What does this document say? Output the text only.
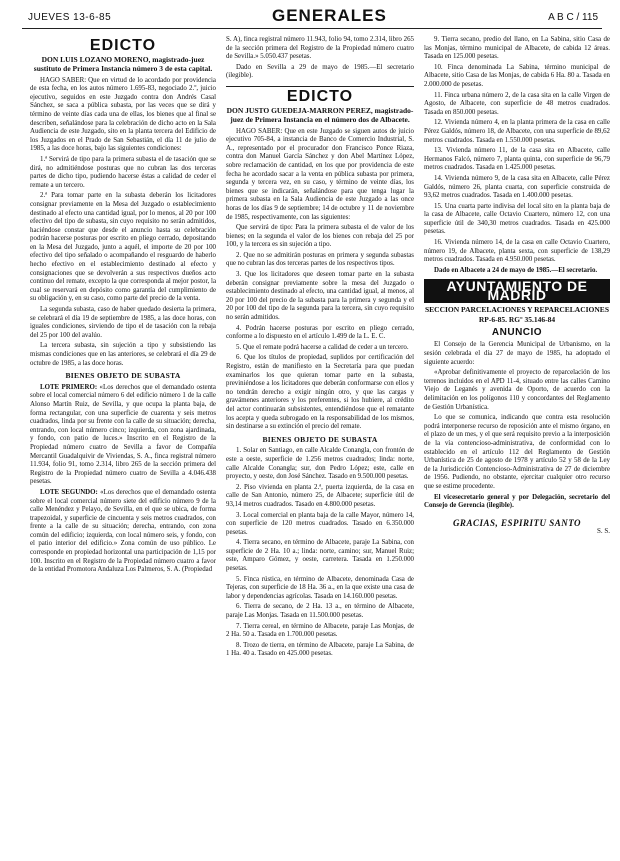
JUEVES 13-6-85	GENERALES	A B C / 115
EDICTO
DON LUIS LOZANO MORENO, magistrado-juez sustituto de Primera Instancia número 3 de esta capital.

HAGO SABER: Que en virtud de lo acordado por providencia de esta fecha, en los autos número 1.695-83, negociado 2.º, juicio ejecutivo, seguidos en este Juzgado contra don Andrés Casal Sánchez, se saca a pública subasta, por las veces que se dirá y término de veinte días cada una de ellas, los bienes que al final se describen, señalándose para la celebración de dicho acto en la Sala Audiencia de este Juzgado, sito en la planta tercera del Edificio de los Juzgados en el Prado de San Sebastián, el día 11 de julio de 1985, a las doce horas, bajo las siguientes condiciones:

1.ª Servirá de tipo para la primera subasta el de tasación que se dirá, no admitiéndose posturas que no cubran las dos terceras partes de dicho tipo, pudiendo hacerse éstas a calidad de ceder el remate a un tercero.

2.ª Para tomar parte en la subasta deberán los licitadores consignar previamente en la Mesa del Juzgado o establecimiento destinado al efecto una cantidad igual, por lo menos, al 20 por 100 efectivo del tipo de subasta, sin cuyo requisito no serán admitidos, haciéndose constar que desde el anuncio hasta su celebración podrán hacerse posturas por escrito en pliego cerrado, depositando en la Mesa del Juzgado, junto a aquél, el importe de 20 por 100 efectivo del tipo señalado o acompañando el resguardo de haberlo hecho efectivo en el establecimiento destinado al efecto y consignaciones que se devolverán a sus respectivos dueños acto continuo del remate, excepto la que corresponda al mejor postor, la cual se reservará en depósito como garantía del cumplimiento de su obligación y, en su caso, como parte del precio de la venta.

La segunda subasta, caso de haber quedado desierta la primera, se celebrará el día 19 de septiembre de 1985, a las doce horas, con iguales condiciones, sirviendo de tipo el de tasación con la rebaja del 25 por 100 del avalúo.

La tercera subasta, sin sujeción a tipo y subsistiendo las mismas condiciones que en las anteriores, se celebrará el día 29 de octubre de 1985, a las doce horas.

BIENES OBJETO DE SUBASTA

LOTE PRIMERO: «Los derechos que el demandado ostenta sobre el local comercial número 6 del edificio número 1 de la calle Alonso Martín Ruiz, de Sevilla, y que ocupa la planta baja, de forma rectangular, con una superficie de cuarenta y seis metros cuadrados, linda por su frente con la calle de su situación; derecha, entrando, con local número cinco; izquierda, con zona ajardinada, y fondo, con patio de luces.» Inscrito en el Registro de la Propiedad número cuatro de Sevilla a favor de Compañía Mercantil Guadalquivir de Viviendas, S. A., finca registral número 11.934, folio 91, tomo 2.314, libro 265 de la sección primera del Registro de la Propiedad número cuatro de Sevilla a 4.046.438 pesetas.

LOTE SEGUNDO: «Los derechos que el demandado ostenta sobre el local comercial número siete del edificio número 9 de la calle Menéndez y Pelayo, de Sevilla, en el que se ubica, de forma trapezoidal, y superficie de cincuenta y seis metros cuadrados, con frente a la calle de su situación; derecha, entrando, con zona común del edificio; izquierda, con local número seis, y fondo, con el patio interior del edificio.» Zona común de uso público. Le corresponde en propiedad horizontal una participación de 1,15 por 100. Inscrito en el Registro de la Propiedad número cuatro a favor de la entidad Promotora Andaluza Los Palmeros, S. A. (Propiedad

S. A), finca registral número 11.943, folio 94, tomo 2.314, libro 265 de la sección primera del Registro de la Propiedad número cuatro de Sevilla.» 5.050.437 pesetas.

Dado en Sevilla a 29 de mayo de 1985.—El secretario (ilegible).

EDICTO
DON JUSTO GUEDEJA-MARRON PEREZ, magistrado-juez de Primera Instancia en el número dos de Albacete.

HAGO SABER: Que en este Juzgado se siguen autos de juicio ejecutivo 705-84, a instancia de Banco de Comercio Industrial, S. A., representado por el procurador don Francisco Ponce Riaza, contra don Manuel García Sánchez y don Abel Martínez López, sobre reclamación de cantidad, en los que por providencia de este fecha he acordado sacar a la venta en pública subasta por primera, segunda y tercera vez, en su caso, y término de veinte días, los bienes que se indicarán, señalándose para que tenga lugar la primera subasta en la Sala Audiencia de este Juzgado a las once horas de los días 9 de septiembre; 14 de octubre y 11 de noviembre de 1985, respectivamente, con las siguientes:

Que servirá de tipo: Para la primera subasta el de valor de los bienes; en la segunda el valor de los bienes con rebaja del 25 por 100, y la tercera es sin sujeción a tipo.

2. Que no se admitirán posturas en primera y segunda subastas que no cubran las dos terceras partes de los respectivos tipos.

3. Que los licitadores que deseen tomar parte en la subasta deberán consignar previamente sobre la mesa del Juzgado o establecimiento destinado al efecto, una cantidad igual, al menos, al 20 por 100 del precio de la subasta para la primera y segunda y el 20 por 100 del tipo de la segunda para la tercera, sin cuyo requisito no serán admitidos.

4. Podrán hacerse posturas por escrito en pliego cerrado, conforme a lo dispuesto en el artículo 1.499 de la L. E. C.

5. Que el remate podrá hacerse a calidad de ceder a un tercero.

6. Que los títulos de propiedad, suplidos por certificación del Registro, están de manifiesto en la Secretaría para que puedan examinarlos los que quieran tomar parte en la subasta, previniéndose a los licitadores que deberán conformarse con ellos y no tendrán derecho a exigir ningún otro, y que las cargas y gravámenes anteriores y los preferentes, si los hubiere, al crédito del actor continuarán subsistentes, entendiéndose que el rematante los acepta y queda subrogado en la responsabilidad de los mismos, sin destinarse a su extinción el precio del remate.

BIENES OBJETO DE SUBASTA

1. Solar en Santiago, en calle Alcalde Conangla, con frontón de este a oeste, superficie de 1.256 metros cuadrados; linda: norte, calle Alcalde Conangla; sur, don Pedro López; este, calle en proyecto, y oeste, don José Sánchez. Tasado en 9.500.000 pesetas.

2. Piso vivienda en planta 2.ª, puerta izquierda, de la casa en calle de San Antonio, número 25, de Albacete; superficie útil de 93,14 metros cuadrados. Tasado en 4.800.000 pesetas.

3. Local comercial en planta baja de la calle Mayor, número 14, con superficie de 120 metros cuadrados. Tasado en 6.350.000 pesetas.

4. Tierra secano, en término de Albacete, paraje La Sabina, con superficie de 2 Ha. 10 a.; linda: norte, camino; sur, Manuel Ruiz; este, Amparo Gómez, y oeste, carretera. Tasada en 1.250.000 pesetas.

5. Finca rústica, en término de Albacete, denominada Casa de Tejeras, con superficie de 18 Ha. 36 a., en la que existe una casa de labor y dependencias agrícolas. Tasada en 14.160.000 pesetas.

6. Tierra de secano, de 2 Ha. 13 a., en término de Albacete, paraje Las Monjas. Tasada en 11.500.000 pesetas.

7. Tierra cereal, en término de Albacete, paraje Las Monjas, de 2 Ha. 50 a. Tasada en 1.700.000 pesetas.

8. Trozo de tierra, en término de Albacete, paraje La Sabina, de 1 Ha. 40 a. Tasado en 425.000 pesetas.

9. Tierra secano, predio del llano, en La Sabina, sitio Casa de las Monjas, término municipal de Albacete, de cabida 12 áreas. Tasada en 125.000 pesetas.

10. Finca denominada La Sabina, término municipal de Albacete, sitio Casa de las Monjas, de cabida 6 Ha. 80 a. Tasada en 2.000.000 de pesetas.

11. Finca urbana número 2, de la casa sita en la calle Virgen de Agosto, de Albacete, con superficie de 48 metros cuadrados. Tasada en 850.000 pesetas.

12. Vivienda número 4, en la planta primera de la casa en calle Pérez Galdós, número 18, de Albacete, con una superficie de 89,62 metros cuadrados. Tasada en 1.550.000 pesetas.

13. Vivienda número 11, de la casa sita en Albacete, calle Hermanos Falcó, número 7, planta quinta, con superficie de 96,79 metros cuadrados. Tasada en 1.425.000 pesetas.

14. Vivienda número 9, de la casa sita en Albacete, calle Pérez Galdós, número 26, planta cuarta, con superficie construida de 93,62 metros cuadrados. Tasada en 1.400.000 pesetas.

15. Una cuarta parte indivisa del local sito en la planta baja de la casa de Albacete, calle Octavio Cuartero, número 12, con una superficie útil de 340,30 metros cuadrados. Tasada en 425.000 pesetas.

16. Vivienda número 14, de la casa en calle Octavio Cuartero, número 19, de Albacete, planta sexta, con superficie de 138,29 metros cuadrados. Tasada en 4.950.000 pesetas.

Dado en Albacete a 24 de mayo de 1985.—El secretario.

AYUNTAMIENTO DE MADRID
SECCION PARCELACIONES Y REPARCELACIONES
RP-6-85. RGº 35.146-84
ANUNCIO

El Consejo de la Gerencia Municipal de Urbanismo, en la sesión celebrada el día 27 de mayo de 1985, ha adoptado el siguiente acuerdo:

«Aprobar definitivamente el proyecto de reparcelación de los terrenos incluidos en el APD 11-4, situado entre las calles Camino Viejo de Leganés y avenida de Oporto, de acuerdo con la delimitación en los polígonos 110 y concordantes del Reglamento de Gestión Urbanística.

Lo que se comunica, indicando que contra esta resolución podrá interponerse recurso de reposición ante el mismo órgano, en el plazo de un mes, y el que será requisito previo a la interposición de la vía contencioso-administrativa, de conformidad con lo establecido en el artículo 112 del Reglamento de Gestión Urbanística de 25 de agosto de 1978 y artículo 52 y 58 de la Ley de la Jurisdicción Contencioso-Administrativa de 27 de diciembre de 1956. Pudiendo, no obstante, ejercitar cualquier otro recurso que se estime procedente.

El vicesecretario general y por Delegación, secretario del Consejo de Gerencia (ilegible).

GRACIAS, ESPIRITU SANTO
S. S.
